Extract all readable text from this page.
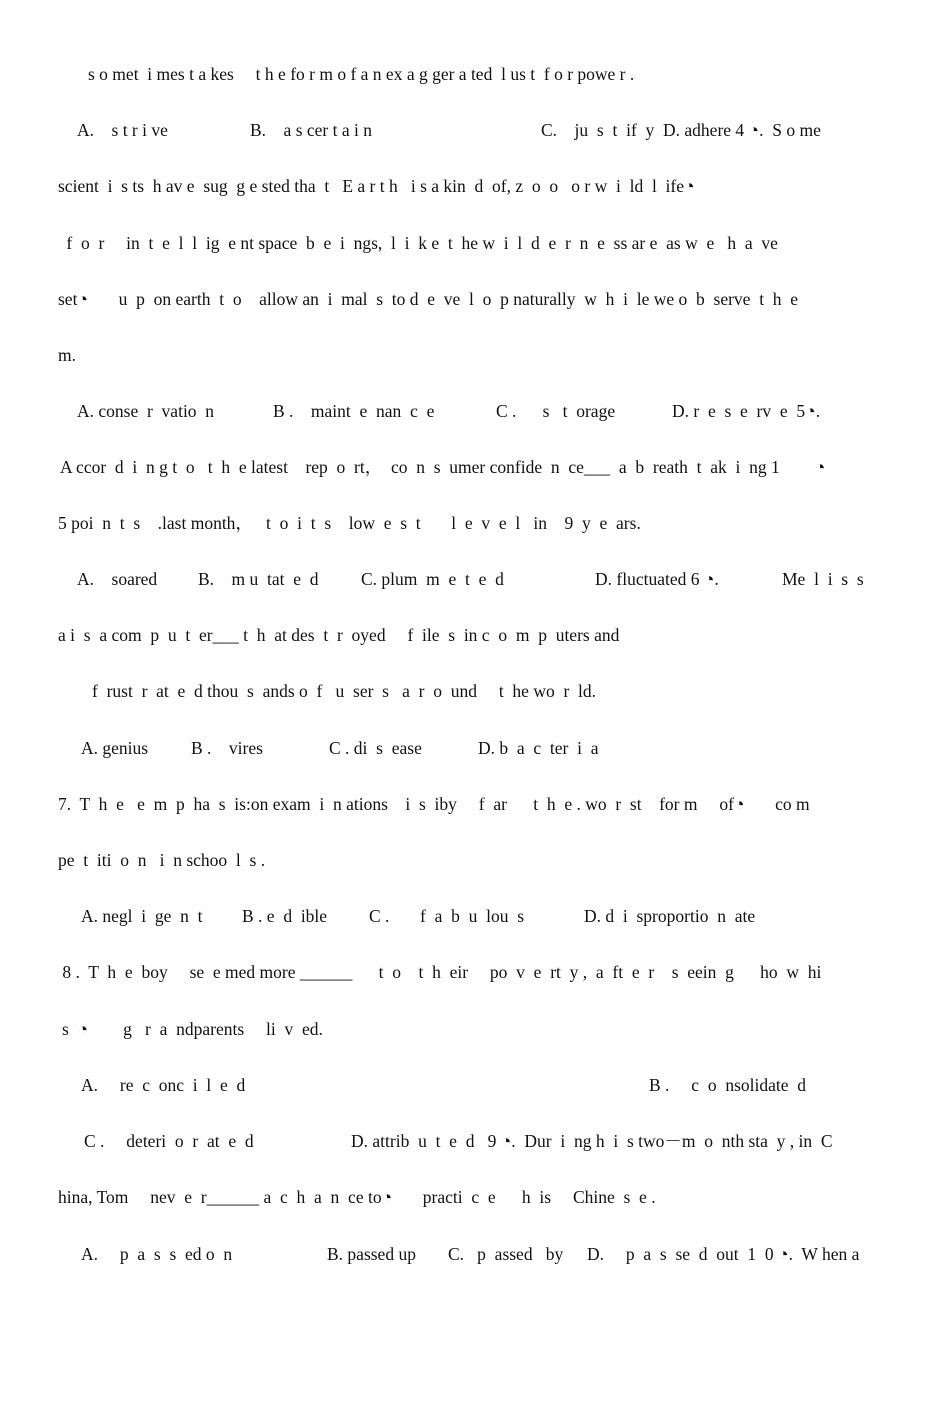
s o met  i mes t a kes     t h e fo r m o f a n ex a g ger a ted  l us t  f o r powe r .

A.    s t r i ve

	B.    a s cer t a i n

	C.    ju  s  t  if  y  D. adhere 4 ◔.  S o me

scient  i  s ts  h av e  sug  g e sted tha  t   E a r t h   i s a kin  d  of, z  o  o   o r w  i  ld  l  ife◔

f  o  r     in  t  e  l  l  ig  e nt space  b  e  i  ngs,  l  i  k e  t  he w  i  l  d  e  r  n  e  ss ar e  as w  e   h  a  ve

set◔       u  p  on earth  t  o    allow an  i  mal  s  to d  e  ve  l  o  p naturally  w  h  i  le we o  b  serve  t  h  e

m.

A. conse  r  vatio  n

	B .    maint  e  nan  c  e

	C .      s   t  orage

	D. r  e  s  e  rv  e  5◔.

A ccor  d  i  n g t  o   t  h  e latest    rep  o  rt，  co  n  s  umer confide  n  ce___  a  b  reath  t  ak  i  ng 1        ◔

5 poi  n  t  s    .last month，   t  o  i  t  s    low  e  s  t       l  e  v  e  l   in    9  y  e  ars.

A.    soared

B.    m u  tat  e  d

C. plum  m  e  t  e  d

	D. fluctuated 6 ◔.

	Me  l  i  s  s

a i  s  a com  p  u  t  er___ t  h  at des  t  r  oyed     f  ile  s  in c  o  m  p  uters and

f  rust  r  at  e  d thou  s  ands o  f   u  ser  s   a  r  o  und     t  he wo  r  ld.

A. genius

B .    vires

	C . di  s  ease

	D. b  a  c  ter  i  a

7.  T  h  e   e  m  p  ha  s  is:on exam  i  n ations    i  s  iby     f  ar      t  h  e . wo  r  st    for m     of◔       co m

pe  t  iti  o  n   i  n schoo  l  s .

A. negl  i  ge  n  t

B . e  d  ible

C .       f  a  b  u  lou  s

	D. d  i  sproportio  n  ate

8 .  T  h  e  boy     se  e med more ______      t  o    t  h  eir     po  v  e  rt  y ,  a  ft  e  r    s  eein  g      ho  w  hi

s  ◔        g   r  a  ndparents     li  v  ed.

A.     re  c  onc  i  l  e  d

	B .     c  o  nsolidate  d

C .     deteri  o  r  at  e  d

	D. attrib  u  t  e  d   9 ◔.  Dur  i  ng h  i  s two－m  o  nth sta  y , in  C

hina, Tom     nev  e  r______ a  c  h  a  n  ce to◔       practi  c  e      h  is     Chine  s  e .

A.     p  a  s  s  ed o  n

	B. passed up

C.   p  assed   by

D.     p  a  s  se  d  out  1  0 ◔.  W hen a
